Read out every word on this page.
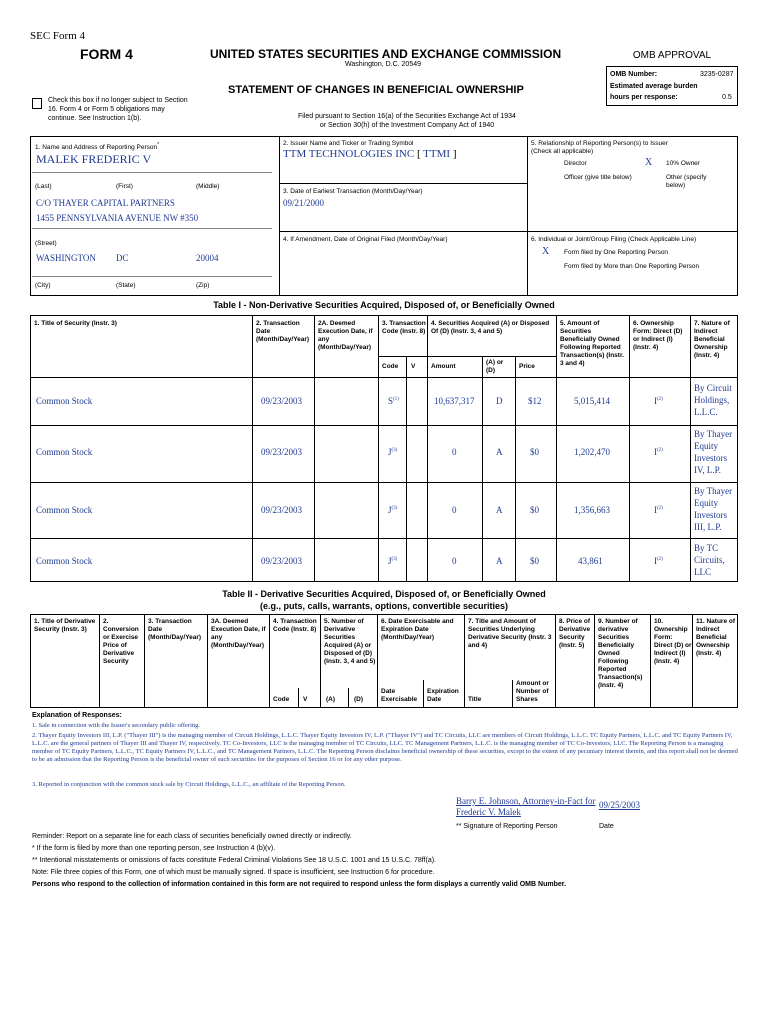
SEC Form 4
FORM 4	UNITED STATES SECURITIES AND EXCHANGE COMMISSION
Washington, D.C. 20549
STATEMENT OF CHANGES IN BENEFICIAL OWNERSHIP
Check this box if no longer subject to Section 16. Form 4 or Form 5 obligations may continue. See Instruction 1(b).	Filed pursuant to Section 16(a) of the Securities Exchange Act of 1934
or Section 30(h) of the Investment Company Act of 1940
OMB APPROVAL
OMB Number:	3235-0287
Estimated average burden
hours per response:	0.5
1. Name and Address of Reporting Person*
MALEK FREDERIC V
(Last)	(First)	(Middle)
C/O THAYER CAPITAL PARTNERS
1455 PENNSYLVANIA AVENUE NW #350
(Street)
WASHINGTON DC	20004
(City)	(State)	(Zip)
2. Issuer Name and Ticker or Trading Symbol
TTM TECHNOLOGIES INC [ TTMI ]
3. Date of Earliest Transaction (Month/Day/Year)
09/21/2000
4. If Amendment, Date of Original Filed (Month/Day/Year)
5. Relationship of Reporting Person(s) to Issuer
(Check all applicable)
X
Director	10% Owner
Officer (give title below)	Other (specify below)
6. Individual or Joint/Group Filing (Check Applicable Line)
X Form filed by One Reporting Person
Form filed by More than One Reporting Person
Table I - Non-Derivative Securities Acquired, Disposed of, or Beneficially Owned
1. Title of Security (Instr. 3)	2. Transaction Date (Month/Day/Year)
2A. Deemed Execution Date, if any (Month/Day/Year)
3. Transaction Code (Instr. 8)
4. Securities Acquired (A) or Disposed Of (D) (Instr. 3, 4 and 5)
5. Amount of Securities Beneficially Owned Following Reported Transaction(s) (Instr. 3 and 4)
6. Ownership Form: Direct (D) or Indirect (I) (Instr. 4)
7. Nature of Indirect Beneficial Ownership (Instr. 4)
Code V Amount
(A) or (D)
Price
Common Stock	09/23/2003	$S^{(1)}$	10,637,317 D	$12	5,015,414	$I^{(2)}$
By Circuit Holdings, L.L.C.
Common Stock	09/23/2003	$J^{(3)}$	0	A	$0	1,202,470	$I^{(2)}$
By Thayer Equity Investors IV, L.P.
Common Stock	09/23/2003	$J^{(3)}$	0	A	$0	1,356,663	$I^{(2)}$
By Thayer Equity Investors III, L.P.
Common Stock	09/23/2003	$J^{(3)}$	0	A	$0	43,861	$I^{(2)}$
By TC Circuits, LLC
Table II - Derivative Securities Acquired, Disposed of, or Beneficially Owned
(e.g., puts, calls, warrants, options, convertible securities)
1. Title of Derivative Security (Instr. 3)
2. Conversion or Exercise Price of Derivative Security
3. Transaction Date (Month/Day/Year)
3A. Deemed Execution Date, if any (Month/Day/Year)
4. Transaction Code (Instr. 8)
5. Number of Derivative Securities Acquired (A) or Disposed of (D) (Instr. 3, 4 and 5)
6. Date Exercisable and Expiration Date (Month/Day/Year)
7. Title and Amount of Securities Underlying Derivative Security (Instr. 3 and 4)
8. Price of Derivative Security (Instr. 5)
9. Number of derivative Securities Beneficially Owned Following Reported Transaction(s) (Instr. 4)
10. Ownership Form: Direct (D) or Indirect (I) (Instr. 4)
11. Nature of Indirect Beneficial Ownership (Instr. 4)
Code V	(A)	(D)
Date Exercisable
Expiration Date	Title
Amount or Number of Shares
Explanation of Responses:
1. Sale in connection with the Issuer's secondary public offering.
2. Thayer Equity Investors III, L.P. ("Thayer III") is the managing member of Circuit Holdings, L.L.C. Thayer Equity Investors IV, L.P. ("Thayer IV") and TC Circuits, LLC are members of Circuit Holdings, L.L.C. TC Equity Partners, L.L.C. and TC Equity Partners IV, L.L.C. are the general partners of Thayer III and Thayer IV, respectively. TC Co-Investors, LLC is the managing member of TC Circuits, LLC. TC Management Partners, L.L.C. is the managing member of TC Co-Investors, LLC. The Reporting Person is a managing member of TC Equity Partners, L.L.C., TC Equity Partners IV, L.L.C., and TC Management Partners, L.L.C. The Reporting Person disclaims beneficial ownership of these securities, except to the extent of any pecuniary interest therein, and this report shall not be deemed to be an admission that the Reporting Person is the beneficial owner of such securities for the purposes of Section 16 or for any other purpose.
3. Reported in conjunction with the common stock sale by Circuit Holdings, L.L.C., an affiliate of the Reporting Person.
Barry E. Johnson, Attorney-in-Fact for Frederic V. Malek
09/25/2003
** Signature of Reporting Person	Date
Reminder: Report on a separate line for each class of securities beneficially owned directly or indirectly.
* If the form is filed by more than one reporting person, see Instruction 4 (b)(v).
** Intentional misstatements or omissions of facts constitute Federal Criminal Violations See 18 U.S.C. 1001 and 15 U.S.C. 78ff(a).
Note: File three copies of this Form, one of which must be manually signed. If space is insufficient, see Instruction 6 for procedure.
Persons who respond to the collection of information contained in this form are not required to respond unless the form displays a currently valid OMB Number.
